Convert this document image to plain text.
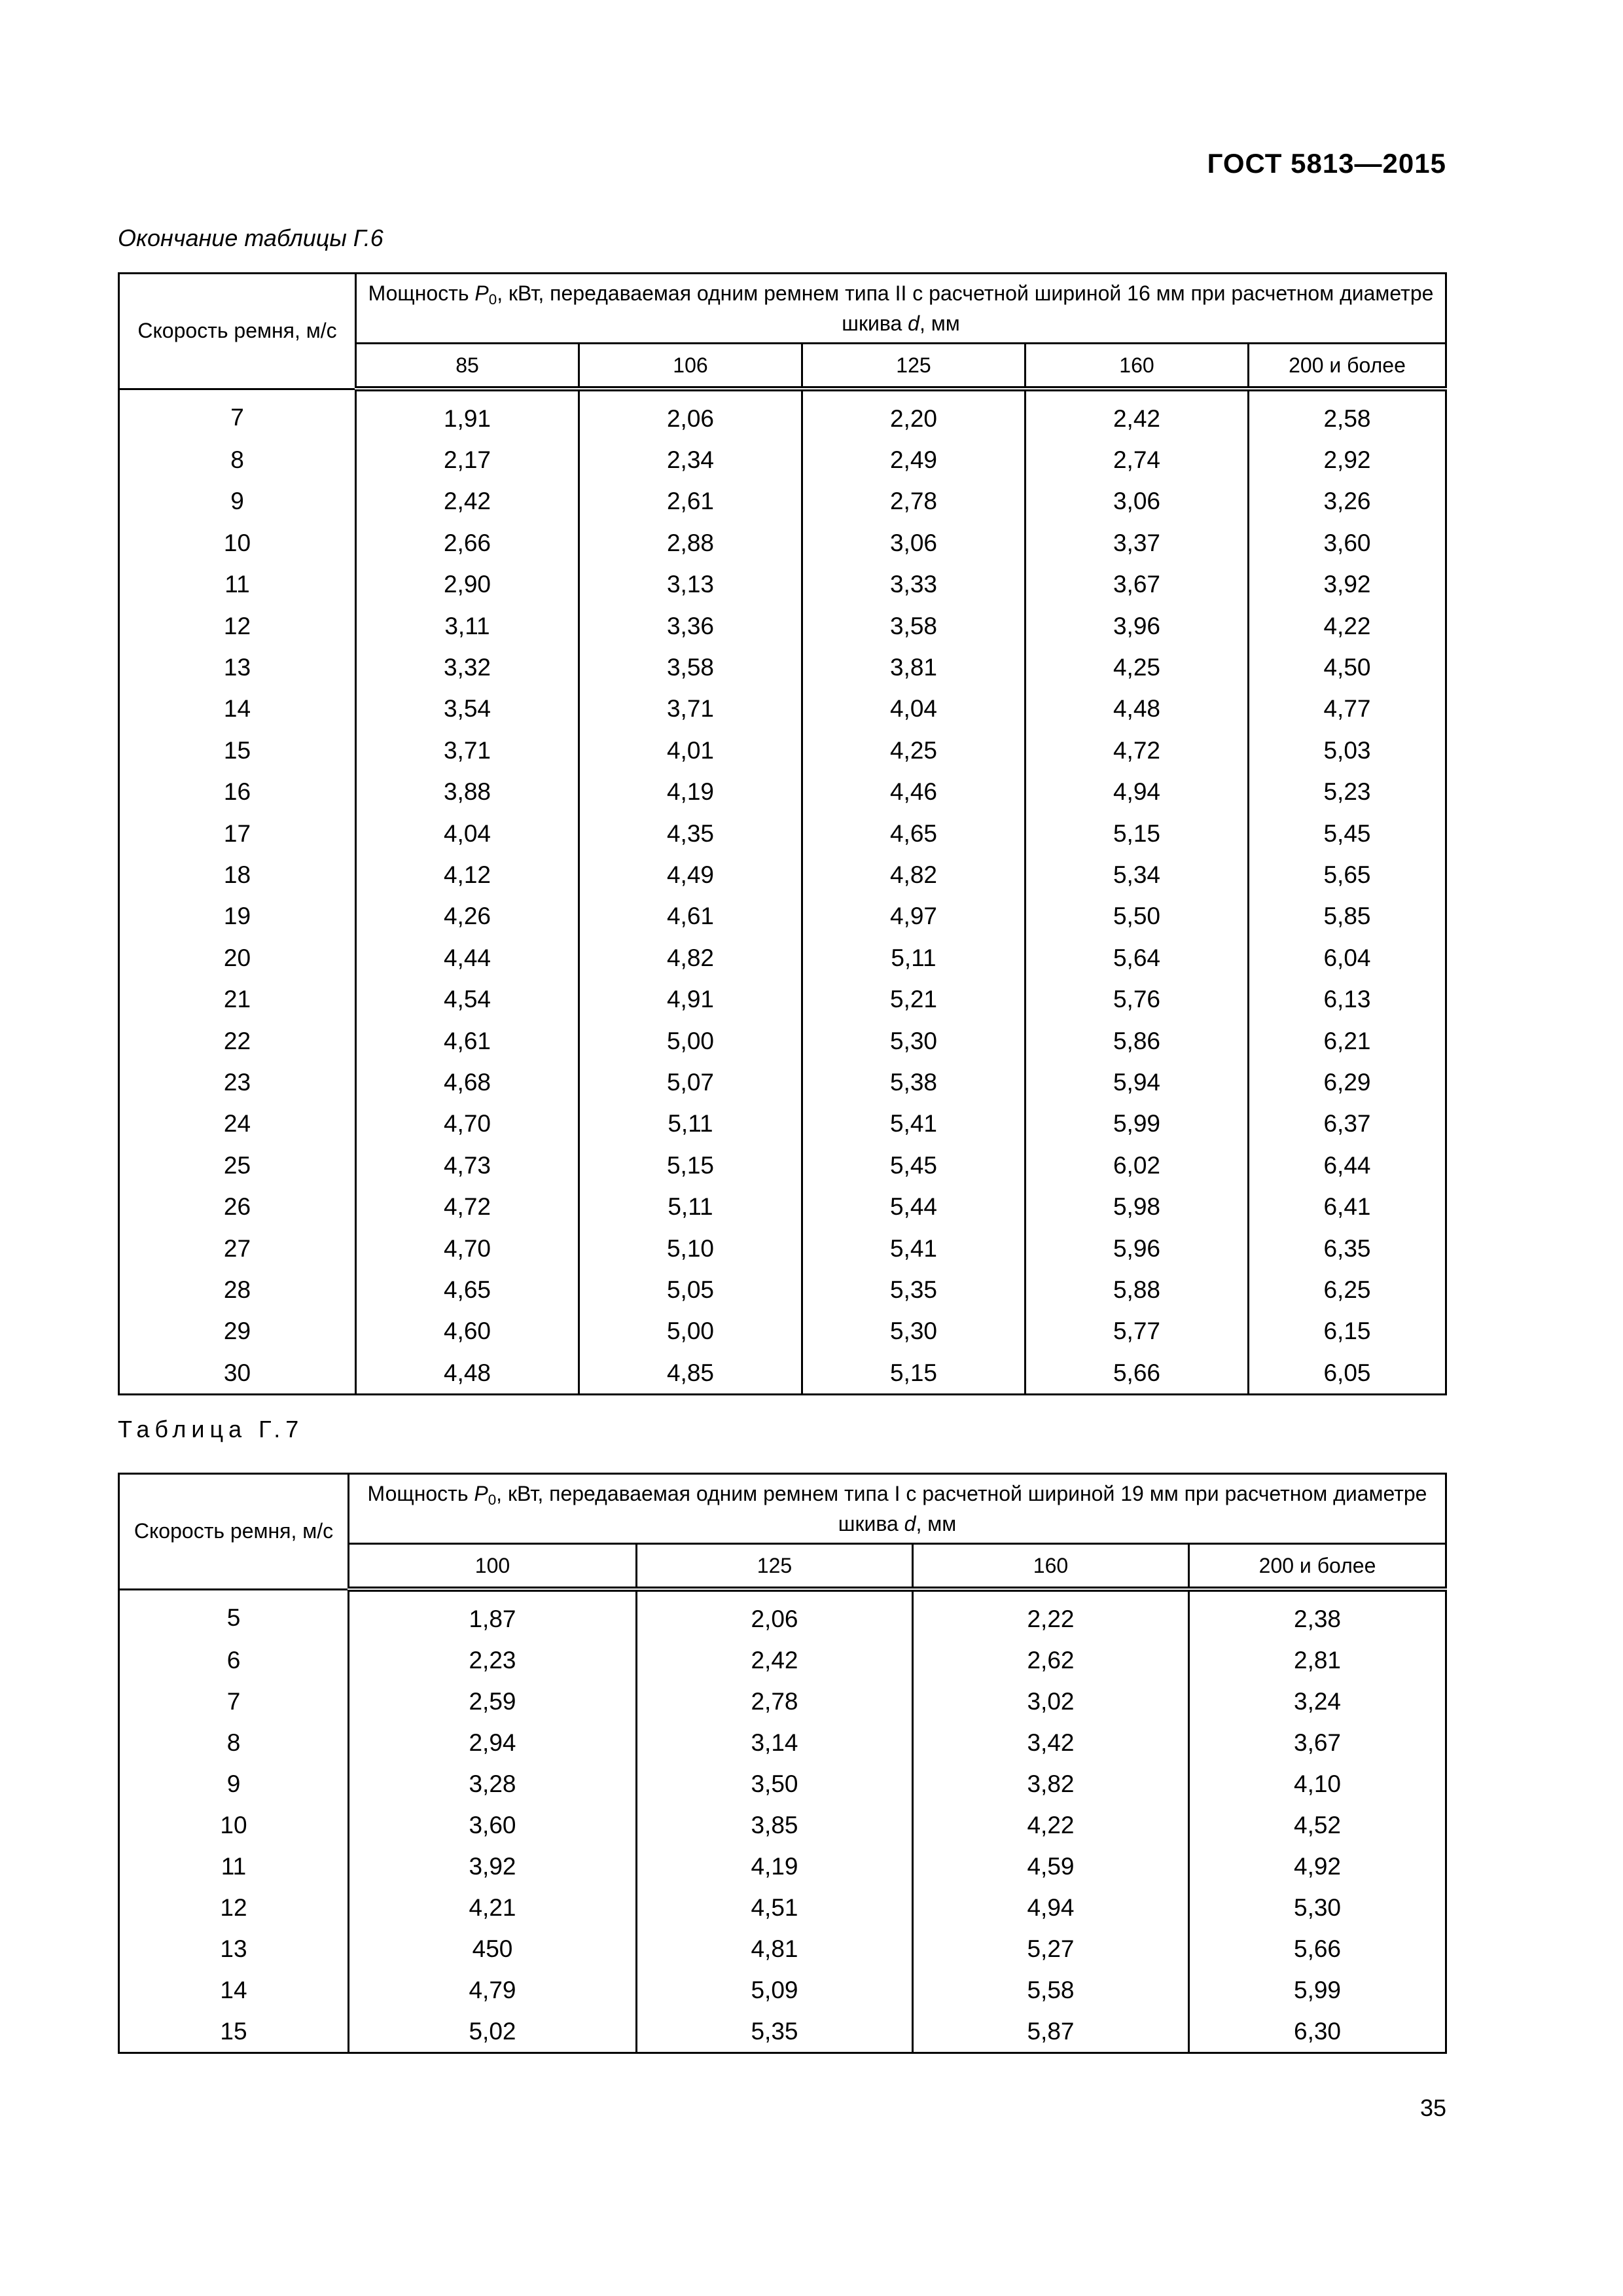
ГОСТ 5813—2015
Окончание таблицы Г.6
Скорость ремня, м/с	Мощность $P_0$, кВт, передаваемая одним ремнем типа II с расчетной шириной 16 мм при расчетном диаметре шкива d, мм				
	85	106	125	160	200 и более
7	1,91	2,06	2,20	2,42	2,58
8	2,17	2,34	2,49	2,74	2,92
9	2,42	2,61	2,78	3,06	3,26
10	2,66	2,88	3,06	3,37	3,60
11	2,90	3,13	3,33	3,67	3,92
12	3,11	3,36	3,58	3,96	4,22
13	3,32	3,58	3,81	4,25	4,50
14	3,54	3,71	4,04	4,48	4,77
15	3,71	4,01	4,25	4,72	5,03
16	3,88	4,19	4,46	4,94	5,23
17	4,04	4,35	4,65	5,15	5,45
18	4,12	4,49	4,82	5,34	5,65
19	4,26	4,61	4,97	5,50	5,85
20	4,44	4,82	5,11	5,64	6,04
21	4,54	4,91	5,21	5,76	6,13
22	4,61	5,00	5,30	5,86	6,21
23	4,68	5,07	5,38	5,94	6,29
24	4,70	5,11	5,41	5,99	6,37
25	4,73	5,15	5,45	6,02	6,44
26	4,72	5,11	5,44	5,98	6,41
27	4,70	5,10	5,41	5,96	6,35
28	4,65	5,05	5,35	5,88	6,25
29	4,60	5,00	5,30	5,77	6,15
30	4,48	4,85	5,15	5,66	6,05
Таблица Г.7
Скорость ремня, м/с	Мощность $P_0$, кВт, передаваемая одним ремнем типа I с расчетной шириной 19 мм при расчетном диаметре шкива d, мм			
	100	125	160	200 и более
5	1,87	2,06	2,22	2,38
6	2,23	2,42	2,62	2,81
7	2,59	2,78	3,02	3,24
8	2,94	3,14	3,42	3,67
9	3,28	3,50	3,82	4,10
10	3,60	3,85	4,22	4,52
11	3,92	4,19	4,59	4,92
12	4,21	4,51	4,94	5,30
13	450	4,81	5,27	5,66
14	4,79	5,09	5,58	5,99
15	5,02	5,35	5,87	6,30
35
